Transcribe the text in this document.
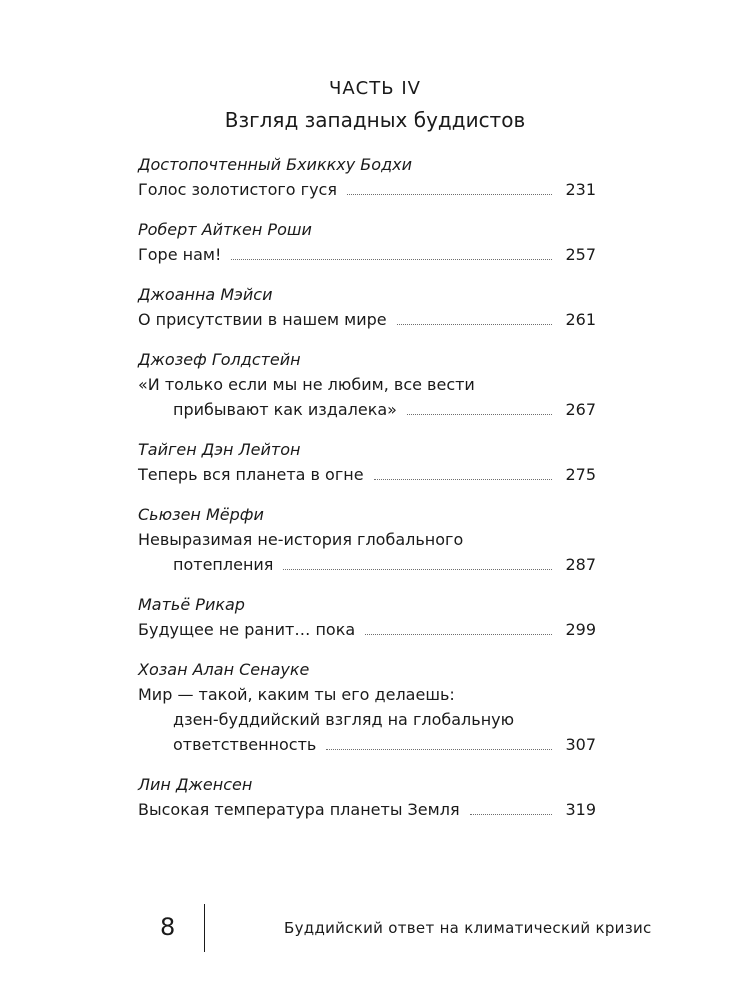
ЧАСТЬ IV
Взгляд западных буддистов
Достопочтенный Бхиккху Бодхи
Голос золотистого гуся	231
Роберт Айткен Роши
Горе нам!	257
Джоанна Мэйси
О присутствии в нашем мире	261
Джозеф Голдстейн
«И только если мы не любим, все вести
прибывают как издалека»	267
Тайген Дэн Лейтон
Теперь вся планета в огне	275
Сьюзен Мёрфи
Невыразимая не-история глобального
потепления	287
Матьё Рикар
Будущее не ранит… пока	299
Хозан Алан Сенауке
Мир — такой, каким ты его делаешь:
дзен-буддийский взгляд на глобальную
ответственность	307
Лин Дженсен
Высокая температура планеты Земля	319
8	Буддийский ответ на климатический кризис
